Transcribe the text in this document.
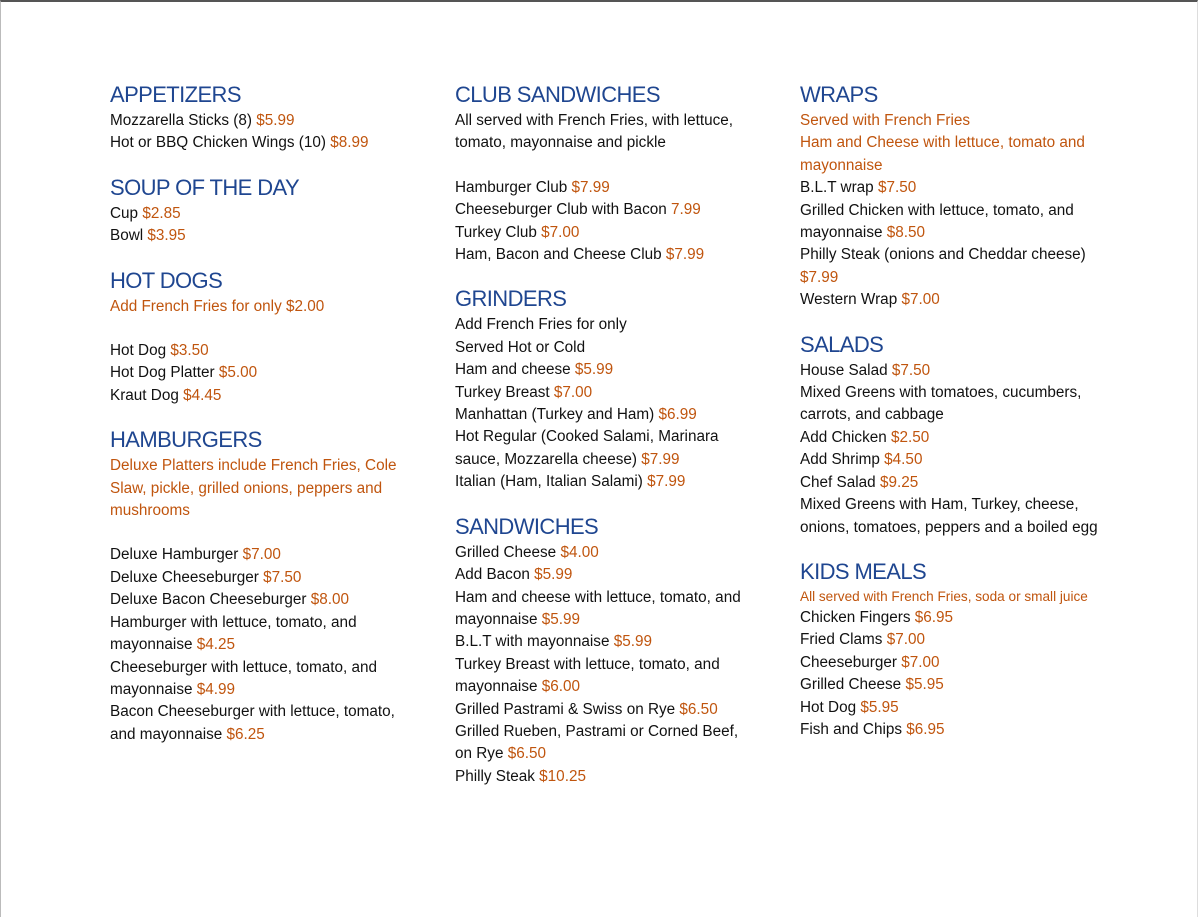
APPETIZERS
Mozzarella Sticks (8) $5.99
Hot or BBQ Chicken Wings (10) $8.99
SOUP OF THE DAY
Cup $2.85
Bowl $3.95
HOT DOGS
Add French Fries for only $2.00
Hot Dog $3.50
Hot Dog Platter $5.00
Kraut Dog $4.45
HAMBURGERS
Deluxe Platters include French Fries, Cole Slaw, pickle, grilled onions, peppers and mushrooms
Deluxe Hamburger $7.00
Deluxe Cheeseburger $7.50
Deluxe Bacon Cheeseburger $8.00
Hamburger with lettuce, tomato, and mayonnaise $4.25
Cheeseburger with lettuce, tomato, and mayonnaise $4.99
Bacon Cheeseburger with lettuce, tomato, and mayonnaise $6.25
CLUB SANDWICHES
All served with French Fries, with lettuce, tomato, mayonnaise and pickle
Hamburger Club $7.99
Cheeseburger Club with Bacon 7.99
Turkey Club $7.00
Ham, Bacon and Cheese Club $7.99
GRINDERS
Add French Fries for only
Served Hot or Cold
Ham and cheese $5.99
Turkey Breast $7.00
Manhattan (Turkey and Ham) $6.99
Hot Regular (Cooked Salami, Marinara sauce, Mozzarella cheese) $7.99
Italian (Ham, Italian Salami) $7.99
SANDWICHES
Grilled Cheese $4.00
Add Bacon $5.99
Ham and cheese with lettuce, tomato, and mayonnaise $5.99
B.L.T with mayonnaise $5.99
Turkey Breast with lettuce, tomato, and mayonnaise $6.00
Grilled Pastrami & Swiss on Rye $6.50
Grilled Rueben, Pastrami or Corned Beef, on Rye $6.50
Philly Steak $10.25
WRAPS
Served with French Fries
Ham and Cheese with lettuce, tomato and mayonnaise
B.L.T wrap $7.50
Grilled Chicken with lettuce, tomato, and mayonnaise $8.50
Philly Steak (onions and Cheddar cheese) $7.99
Western Wrap $7.00
SALADS
House Salad $7.50
Mixed Greens with tomatoes, cucumbers, carrots, and cabbage
Add Chicken $2.50
Add Shrimp $4.50
Chef Salad $9.25
Mixed Greens with Ham, Turkey, cheese, onions, tomatoes, peppers and a boiled egg
KIDS MEALS
All served with French Fries, soda or small juice
Chicken Fingers $6.95
Fried Clams $7.00
Cheeseburger $7.00
Grilled Cheese $5.95
Hot Dog $5.95
Fish and Chips $6.95
